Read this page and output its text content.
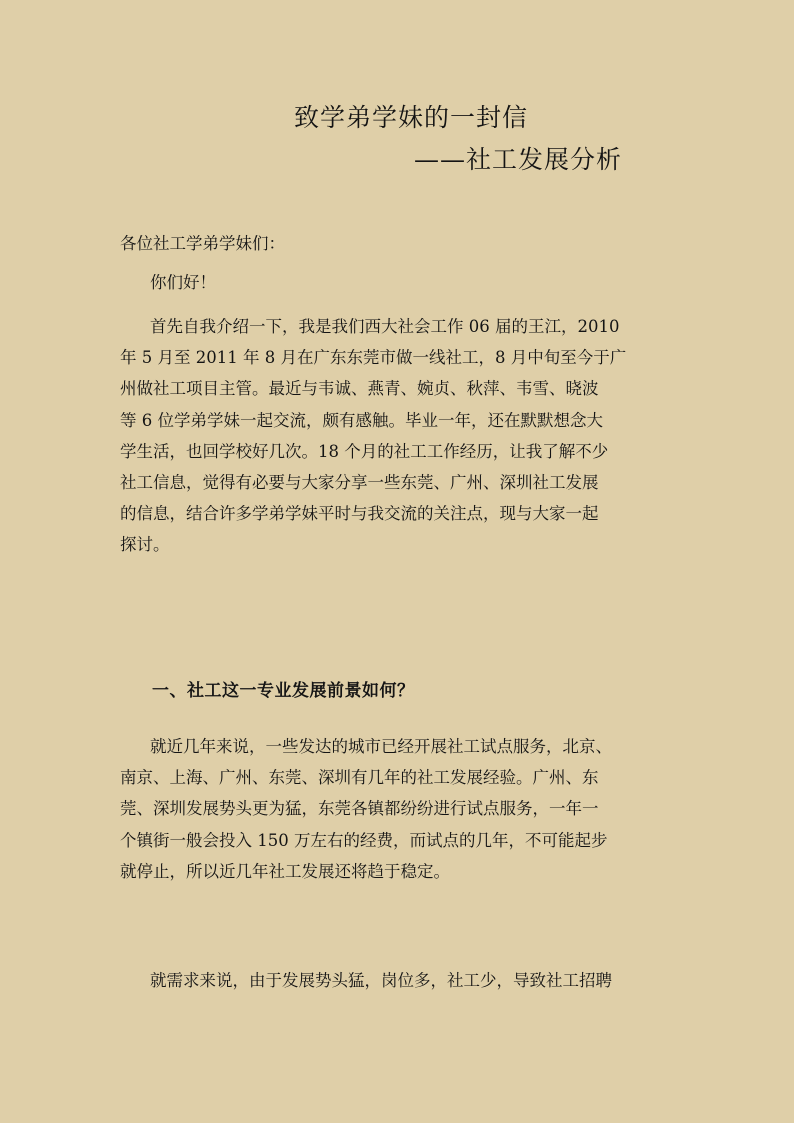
致学弟学妹的一封信
——社工发展分析
各位社工学弟学妹们：
你们好！
首先自我介绍一下，我是我们西大社会工作 06 届的王江，2010
年 5 月至 2011 年 8 月在广东东莞市做一线社工，8 月中旬至今于广
州做社工项目主管。最近与韦诚、燕青、婉贞、秋萍、韦雪、晓波
等 6 位学弟学妹一起交流，颇有感触。毕业一年，还在默默想念大
学生活，也回学校好几次。18 个月的社工工作经历，让我了解不少
社工信息，觉得有必要与大家分享一些东莞、广州、深圳社工发展
的信息，结合许多学弟学妹平时与我交流的关注点，现与大家一起
探讨。
一、社工这一专业发展前景如何？
就近几年来说，一些发达的城市已经开展社工试点服务，北京、
南京、上海、广州、东莞、深圳有几年的社工发展经验。广州、东
莞、深圳发展势头更为猛，东莞各镇都纷纷进行试点服务，一年一
个镇街一般会投入 150 万左右的经费，而试点的几年，不可能起步
就停止，所以近几年社工发展还将趋于稳定。
就需求来说，由于发展势头猛，岗位多，社工少，导致社工招聘
